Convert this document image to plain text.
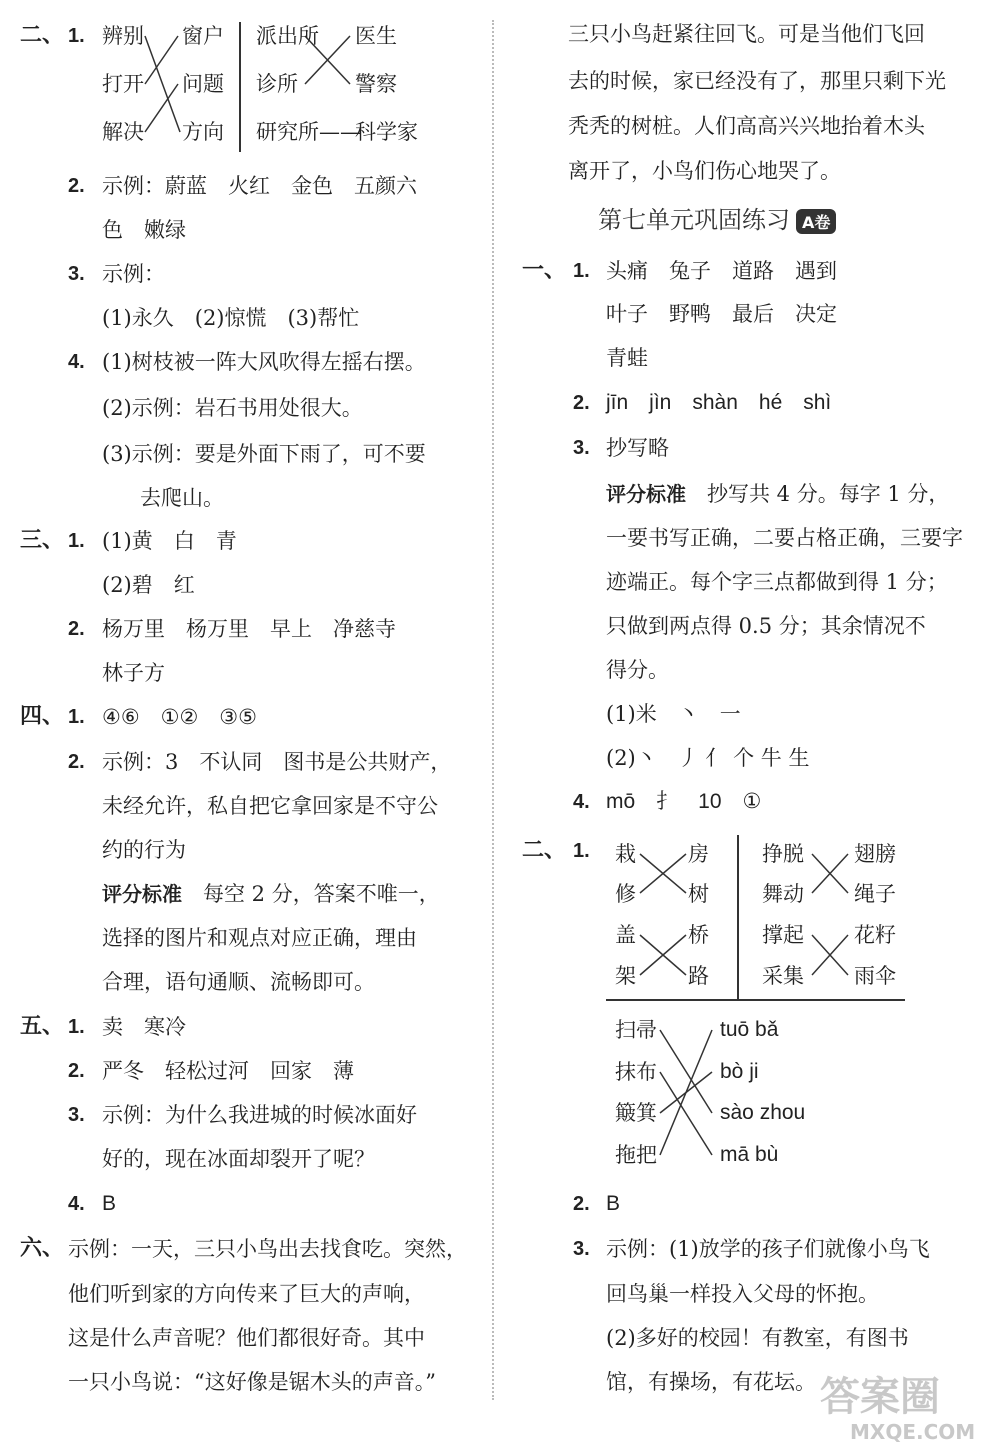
二、 1. 辨别
打开
解决
窗户
问题
方向
派出所
诊所
研究所
医生
警察
——
科学家
2. 示例：蔚蓝　火红　金色　五颜六
色　嫩绿
3. 示例：
(1)永久　(2)惊慌　(3)帮忙
4. (1)树枝被一阵大风吹得左摇右摆。
(2)示例：岩石书用处很大。
(3)示例：要是外面下雨了，可不要
去爬山。
三、 1. (1)黄　白　青
(2)碧　红
2. 杨万里　杨万里　早上　净慈寺
林子方
四、 1. ④⑥　①②　③⑤
2. 示例：3　不认同　图书是公共财产，
未经允许，私自把它拿回家是不守公
约的行为
评分标准　每空 2 分，答案不唯一，
选择的图片和观点对应正确，理由
合理，语句通顺、流畅即可。
五、 1. 卖　寒冷
2. 严冬　轻松过河　回家　薄
3. 示例：为什么我进城的时候冰面好
好的，现在冰面却裂开了呢？
4. B
六、 示例：一天，三只小鸟出去找食吃。突然，
他们听到家的方向传来了巨大的声响，
这是什么声音呢？他们都很好奇。其中
一只小鸟说：“这好像是锯木头的声音。”
三只小鸟赶紧往回飞。可是当他们飞回
去的时候，家已经没有了，那里只剩下光
秃秃的树桩。人们高高兴兴地抬着木头
离开了，小鸟们伤心地哭了。
第七单元巩固练习 A卷
一、 1. 头痛　兔子　道路　遇到
叶子　野鸭　最后　决定
青蛙
2. jīn　jìn　shàn　hé　shì
3. 抄写略
评分标准　抄写共 4 分。每字 1 分，
一要书写正确，二要占格正确，三要字
迹端正。每个字三点都做到得 1 分；
只做到两点得 0.5 分；其余情况不
得分。
(1)米　丶　一
(2)丶　丿 亻 个 牛 生
4. mō　扌　10　①
二、 1. 栽
修
盖
架
房
树
桥
路
挣脱
舞动
撑起
采集
翅膀
绳子
花籽
雨伞
扫帚
抹布
簸箕
拖把
tuō bǎ
bò ji
sào zhou
mā bù
2. B
3. 示例：(1)放学的孩子们就像小鸟飞
回鸟巢一样投入父母的怀抱。
(2)多好的校园！有教室，有图书
馆，有操场，有花坛。 答案圈
MXQE.COM
